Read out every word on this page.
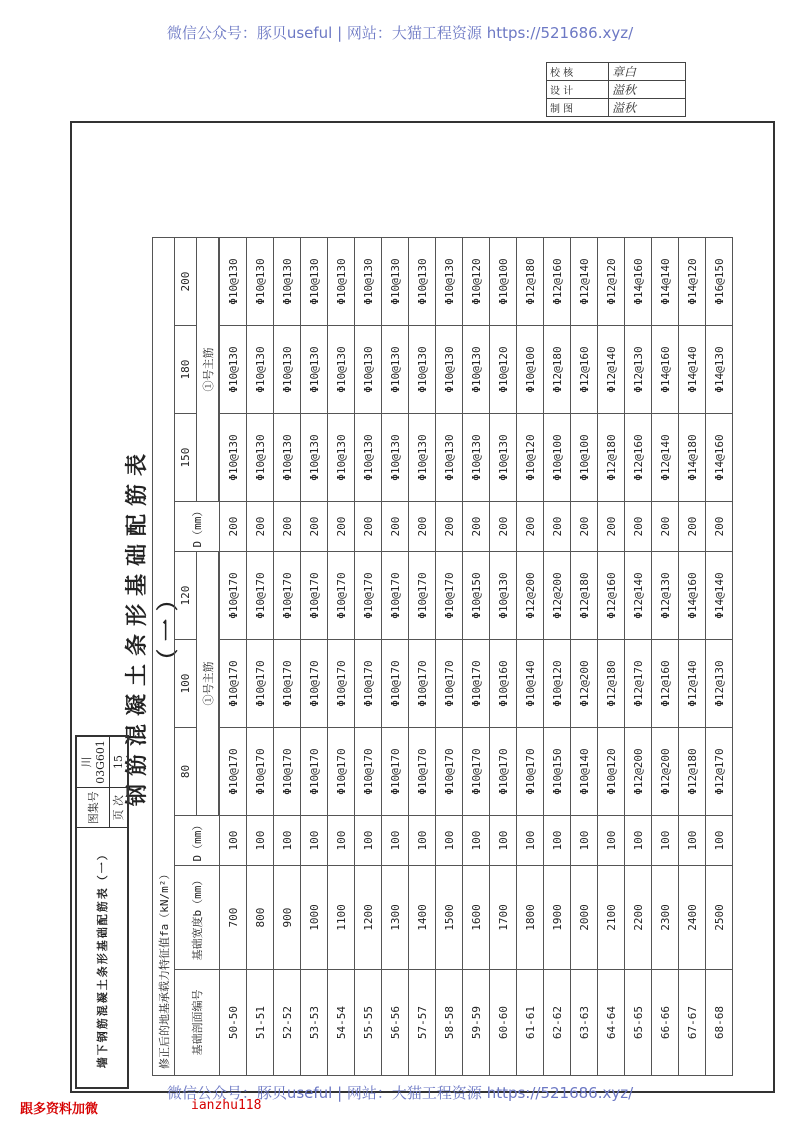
微信公众号：豚贝useful | 网站：大猫工程资源 https://521686.xyz/
校 核	章白
设 计	溢秋
制 图	溢秋
钢筋混凝土条形基础配筋表（一）
修正后的地基承载力特征值fa（kN/m²）									
基础剖面编号	基础宽度b（mm）	D（mm）	80	100	120	D（mm）	150	180	200
			①号主筋				①号主筋		

50-50	700	100	Φ10@170	Φ10@170	Φ10@170	200	Φ10@130	Φ10@130	Φ10@130
51-51	800	100	Φ10@170	Φ10@170	Φ10@170	200	Φ10@130	Φ10@130	Φ10@130
52-52	900	100	Φ10@170	Φ10@170	Φ10@170	200	Φ10@130	Φ10@130	Φ10@130
53-53	1000	100	Φ10@170	Φ10@170	Φ10@170	200	Φ10@130	Φ10@130	Φ10@130
54-54	1100	100	Φ10@170	Φ10@170	Φ10@170	200	Φ10@130	Φ10@130	Φ10@130
55-55	1200	100	Φ10@170	Φ10@170	Φ10@170	200	Φ10@130	Φ10@130	Φ10@130
56-56	1300	100	Φ10@170	Φ10@170	Φ10@170	200	Φ10@130	Φ10@130	Φ10@130
57-57	1400	100	Φ10@170	Φ10@170	Φ10@170	200	Φ10@130	Φ10@130	Φ10@130
58-58	1500	100	Φ10@170	Φ10@170	Φ10@170	200	Φ10@130	Φ10@130	Φ10@130
59-59	1600	100	Φ10@170	Φ10@170	Φ10@150	200	Φ10@130	Φ10@130	Φ10@120
60-60	1700	100	Φ10@170	Φ10@160	Φ10@130	200	Φ10@130	Φ10@120	Φ10@100
61-61	1800	100	Φ10@170	Φ10@140	Φ12@200	200	Φ10@120	Φ10@100	Φ12@180
62-62	1900	100	Φ10@150	Φ10@120	Φ12@200	200	Φ10@100	Φ12@180	Φ12@160
63-63	2000	100	Φ10@140	Φ12@200	Φ12@180	200	Φ10@100	Φ12@160	Φ12@140
64-64	2100	100	Φ10@120	Φ12@180	Φ12@160	200	Φ12@180	Φ12@140	Φ12@120
65-65	2200	100	Φ12@200	Φ12@170	Φ12@140	200	Φ12@160	Φ12@130	Φ14@160
66-66	2300	100	Φ12@200	Φ12@160	Φ12@130	200	Φ12@140	Φ14@160	Φ14@140
67-67	2400	100	Φ12@180	Φ12@140	Φ14@160	200	Φ14@180	Φ14@140	Φ14@120
68-68	2500	100	Φ12@170	Φ12@130	Φ14@140	200	Φ14@160	Φ14@130	Φ16@150
墙下钢筋混凝土条形基础配筋表（一）	图集号	川03G601
	页 次	15
微信公众号：豚贝useful | 网站：大猫工程资源 https://521686.xyz/
跟多资料加微	ianzhu118
